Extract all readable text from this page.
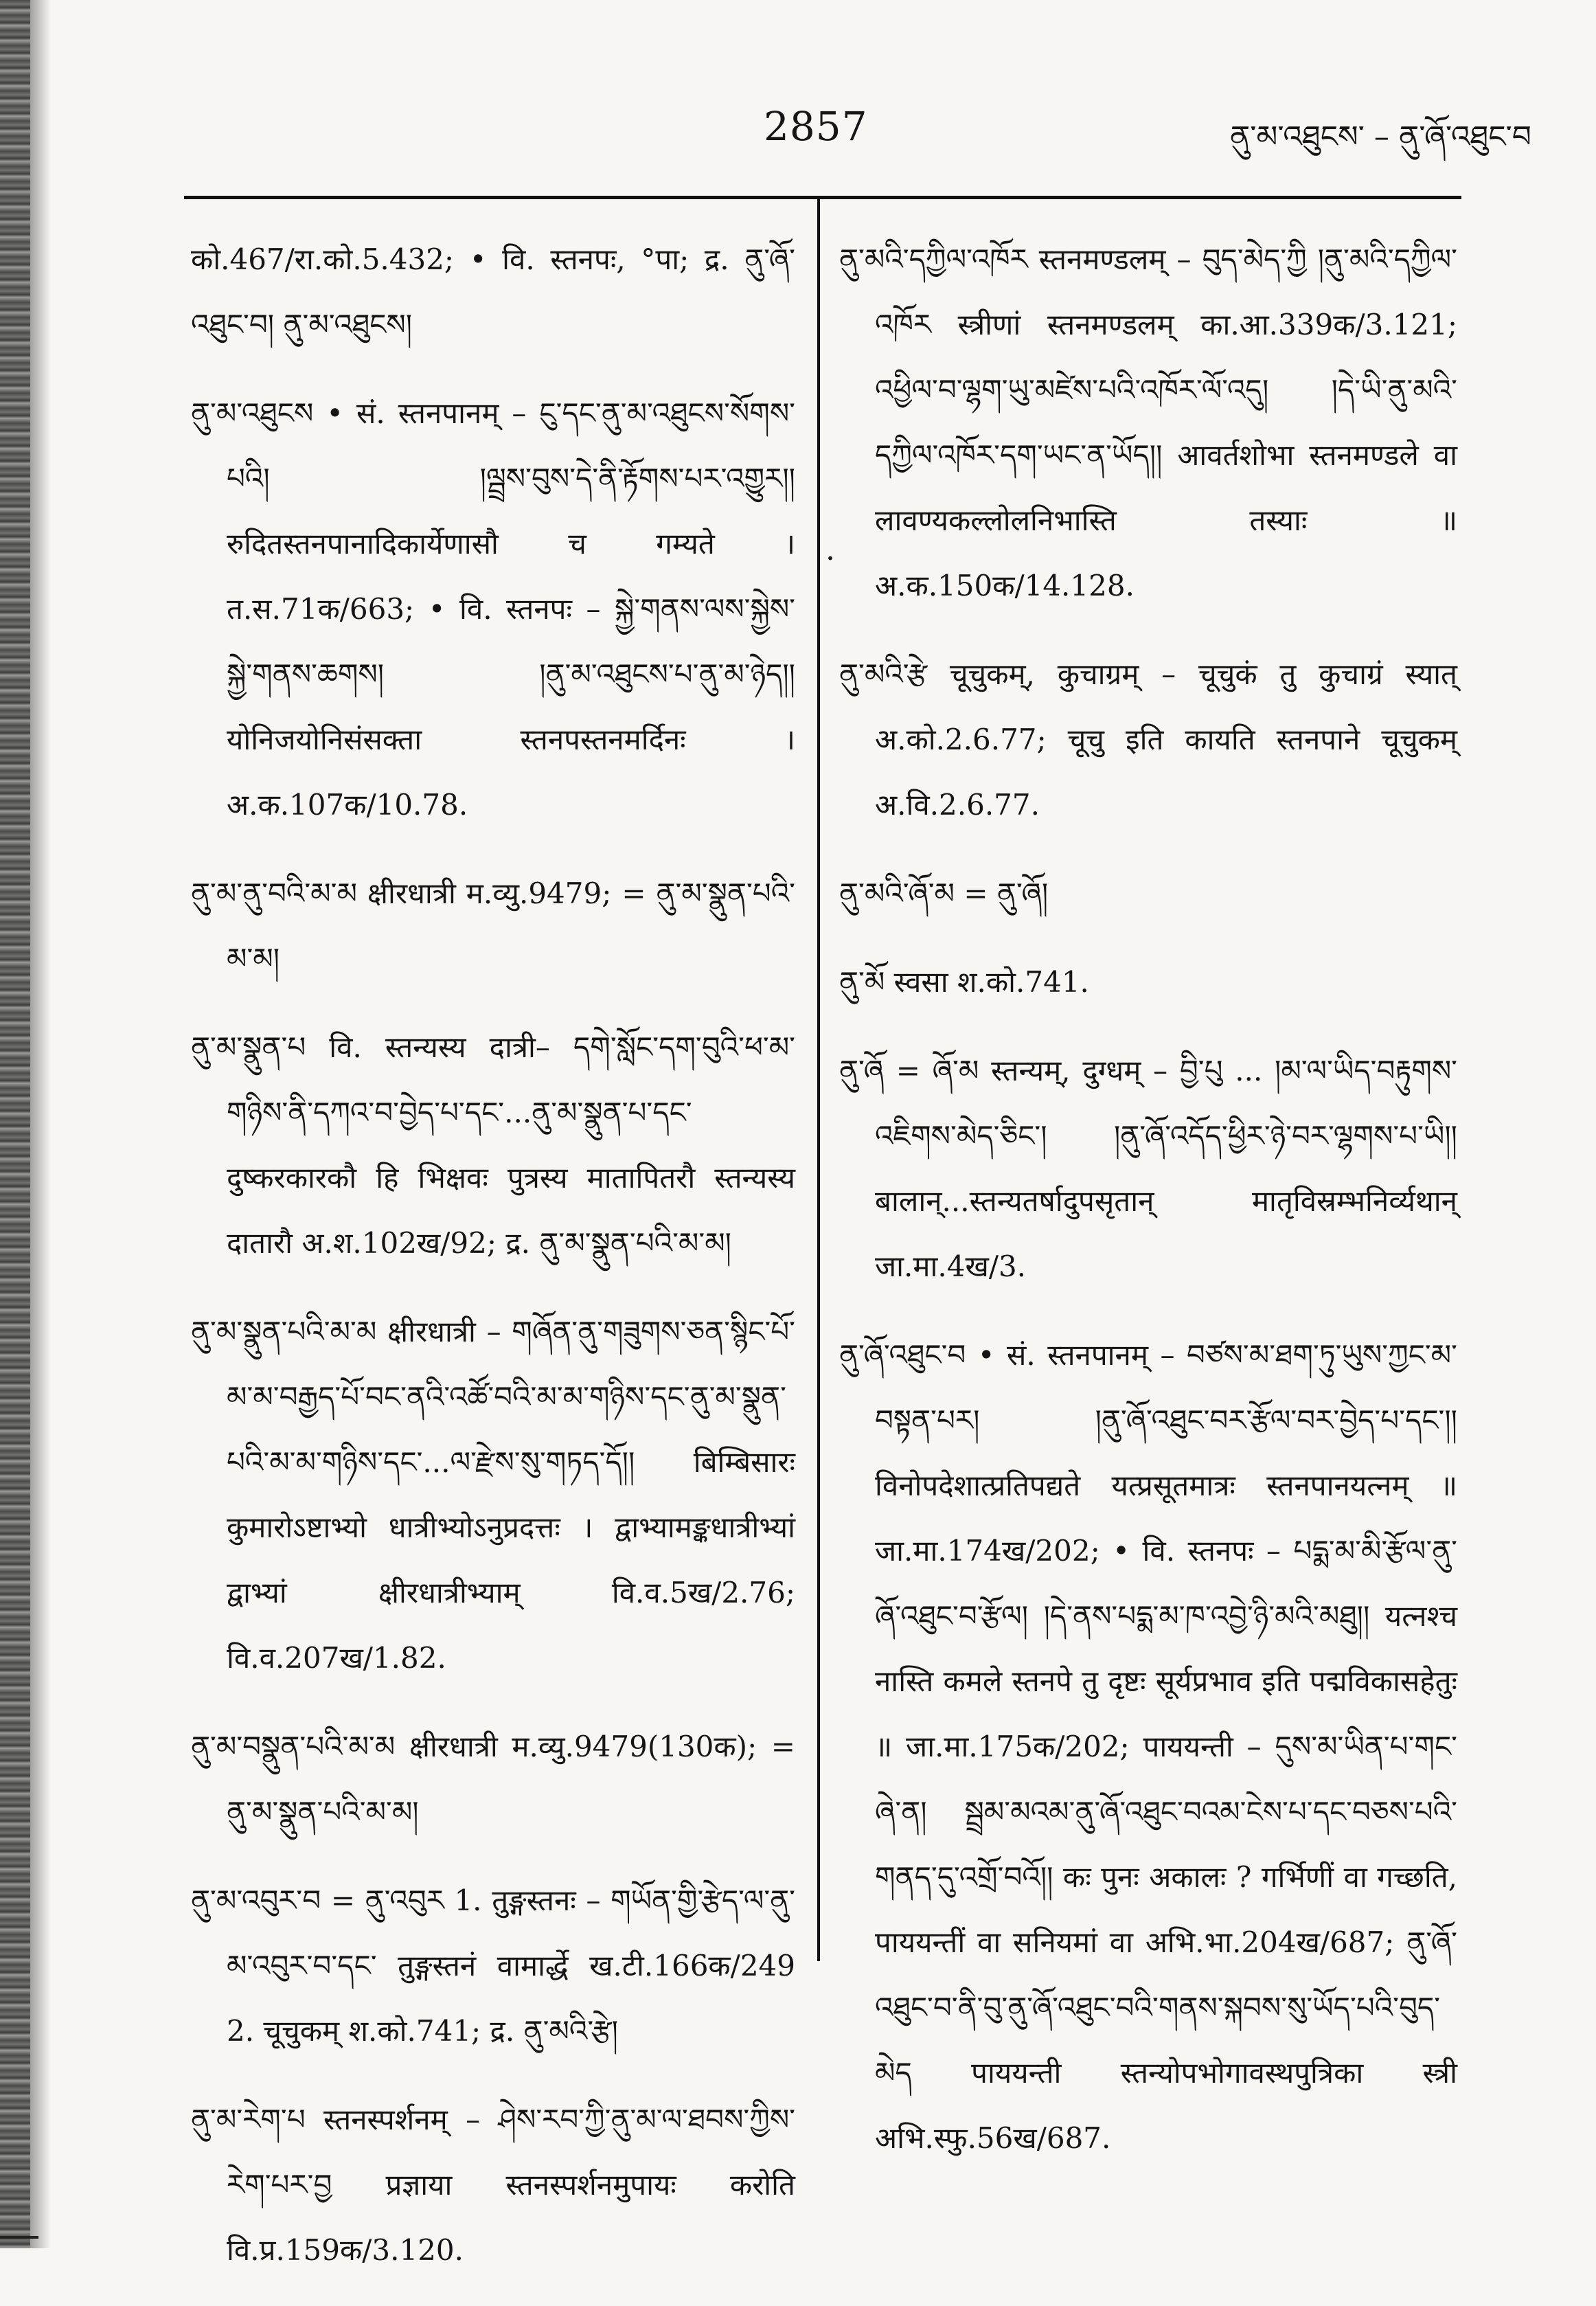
2857	ནུ་མ་འཐུངས་ – ནུ་ཞོ་འཐུང་བ
.

को.467/रा.को.5.432; • वि. स्तनपः, °पा; द्र. ནུ་ཞོ་འཐུང་བ། ནུ་མ་འཐུངས།

ནུ་མ་འཐུངས • सं. स्तनपानम् – ངུ་དང་ནུ་མ་འཐུངས་སོགས་པའི། །ལྦྲས་བུས་དེ་ནི་རྟོགས་པར་འགྱུར།། रुदितस्तनपानादिकार्येणासौ च गम्यते । त.स.71क/663; • वि. स्तनपः – སྐྱེ་གནས་ལས་སྐྱེས་སྐྱེ་གནས་ཆགས། །ནུ་མ་འཐུངས་པ་ནུ་མ་ཉེད།། योनिजयोनिसंसक्ता स्तनपस्तनमर्दिनः । अ.क.107क/10.78.

ནུ་མ་ནུ་བའི་མ་མ क्षीरधात्री म.व्यु.9479; = ནུ་མ་སྣུན་པའི་མ་མ།

ནུ་མ་སྣུན་པ वि. स्तन्यस्य दात्री– དགེ་སློང་དག་བུའི་ཕ་མ་གཉིས་ནི་དཀའ་བ་བྱེད་པ་དང་...ནུ་མ་སྣུན་པ་དང་ दुष्करकारकौ हि भिक्षवः पुत्रस्य मातापितरौ स्तन्यस्य दातारौ अ.श.102ख/92; द्र. ནུ་མ་སྣུན་པའི་མ་མ།

ནུ་མ་སྣུན་པའི་མ་མ क्षीरधात्री – གཞོན་ནུ་གཟུགས་ཅན་སྙིང་པོ་མ་མ་བརྒྱད་པོ་བང་ནའི་འཚོ་བའི་མ་མ་གཉིས་དང་ནུ་མ་སྣུན་པའི་མ་མ་གཉིས་དང་...ལ་རྫེས་སུ་གཏད་དོ།། बिम्बिसारः कुमारोऽष्टाभ्यो धात्रीभ्योऽनुप्रदत्तः । द्वाभ्यामङ्कधात्रीभ्यां द्वाभ्यां क्षीरधात्रीभ्याम् वि.व.5ख/2.76; वि.व.207ख/1.82.

ནུ་མ་བསྣུན་པའི་མ་མ क्षीरधात्री म.व्यु.9479(130क); = ནུ་མ་སྣུན་པའི་མ་མ།

ནུ་མ་འབུར་བ = ནུ་འབུར 1. तुङ्गस्तनः – གཡོན་གྱི་རྩེད་ལ་ནུ་མ་འབུར་བ་དང་ तुङ्गस्तनं वामार्द्धे ख.टी.166क/249 2. चूचुकम् श.को.741; द्र. ནུ་མའི་རྩེ།

ནུ་མ་རེག་པ स्तनस्पर्शनम् – ཤེས་རབ་ཀྱི་ནུ་མ་ལ་ཐབས་ཀྱིས་རེག་པར་བྱ प्रज्ञाया स्तनस्पर्शनमुपायः करोति वि.प्र.159क/3.120.

ནུ་མའི་དཀྱིལ་འཁོར स्तनमण्डलम् – བུད་མེད་ཀྱི །ནུ་མའི་དཀྱིལ་འཁོར स्त्रीणां स्तनमण्डलम् का.आ.339क/3.121; འཕྱིལ་བ་ལྷག་ཡུ་མཛེས་པའི་འཁོར་ལོ་འདུ། །དེ་ཡི་ནུ་མའི་དཀྱིལ་འཁོར་དག་ཡང་ན་ཡོད།། आवर्तशोभा स्तनमण्डले वा लावण्यकल्लोलनिभास्ति तस्याः ॥ अ.क.150क/14.128.

ནུ་མའི་རྩེ चूचुकम्, कुचाग्रम् – चूचुकं तु कुचाग्रं स्यात् अ.को.2.6.77; चूचु इति कायति स्तनपाने चूचुकम् अ.वि.2.6.77.

ནུ་མའི་ཞོ་མ = ནུ་ཞོ།

ནུ་མོ स्वसा श.को.741.

ནུ་ཞོ = ཞོ་མ स्तन्यम्, दुग्धम् – བྱི་པུ ... །མ་ལ་ཡིད་བརྟུགས་འཇིགས་མེད་ཅིང་། །ནུ་ཞོ་འདོད་ཕྱིར་ཉེ་བར་ལྷགས་པ་ཡི།། बालान्...स्तन्यतर्षादुपसृतान् मातृविस्रम्भनिर्व्यथान् जा.मा.4ख/3.

ནུ་ཞོ་འཐུང་བ • सं. स्तनपानम् – བཙས་མ་ཐག་ཏུ་ཡུས་ཀྱང་མ་བསྟན་པར། །ནུ་ཞོ་འཐུང་བར་རྩོལ་བར་བྱེད་པ་དང་།། विनोपदेशात्प्रतिपद्यते यत्प्रसूतमात्रः स्तनपानयत्नम् ॥ जा.मा.174ख/202; • वि. स्तनपः – པདྨ་མ་མི་རྩོལ་ནུ་ཞོ་འཐུང་བ་རྩོལ། །དེ་ནས་པདྨ་མ་ཁ་འབྱེ་ཉི་མའི་མཐུ།། यत्नश्च नास्ति कमले स्तनपे तु दृष्टः सूर्यप्रभाव इति पद्मविकासहेतुः ॥ जा.मा.175क/202; पाययन्ती – དུས་མ་ཡིན་པ་གང་ཞེ་ན། སྦྲམ་མའམ་ནུ་ཞོ་འཐུང་བའམ་ངེས་པ་དང་བཅས་པའི་གནད་དུ་འགྲོ་བའོ།། कः पुनः अकालः ? गर्भिणीं वा गच्छति, पाययन्तीं वा सनियमां वा अभि.भा.204ख/687; ནུ་ཞོ་འཐུང་བ་ནི་བུ་ནུ་ཞོ་འཐུང་བའི་གནས་སྐབས་སུ་ཡོད་པའི་བུད་མེད पाययन्ती स्तन्योपभोगावस्थपुत्रिका स्त्री अभि.स्फु.56ख/687.
